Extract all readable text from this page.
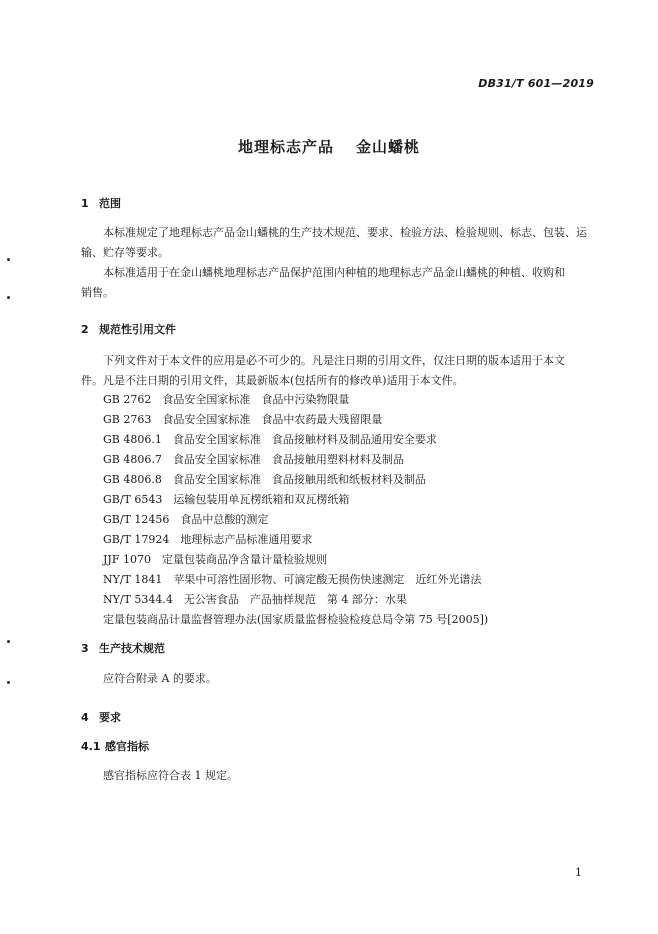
DB31/T 601—2019
地理标志产品 金山蟠桃
1 范围
本标准规定了地理标志产品金山蟠桃的生产技术规范、要求、检验方法、检验规则、标志、包装、运
输、贮存等要求。
本标准适用于在金山蟠桃地理标志产品保护范围内种植的地理标志产品金山蟠桃的种植、收购和
销售。
2 规范性引用文件
下列文件对于本文件的应用是必不可少的。凡是注日期的引用文件，仅注日期的版本适用于本文
件。凡是不注日期的引用文件，其最新版本(包括所有的修改单)适用于本文件。
GB 2762　 食品安全国家标准　食品中污染物限量
GB 2763　 食品安全国家标准　食品中农药最大残留限量
GB 4806.1　 食品安全国家标准　食品接触材料及制品通用安全要求
GB 4806.7　 食品安全国家标准　食品接触用塑料材料及制品
GB 4806.8　 食品安全国家标准　食品接触用纸和纸板材料及制品
GB/T 6543　 运输包装用单瓦楞纸箱和双瓦楞纸箱
GB/T 12456　 食品中总酸的测定
GB/T 17924　 地理标志产品标准通用要求
JJF 1070　 定量包装商品净含量计量检验规则
NY/T 1841　 苹果中可溶性固形物、可滴定酸无损伤快速测定　近红外光谱法
NY/T 5344.4　 无公害食品　产品抽样规范　第 4 部分：水果
定量包装商品计量监督管理办法(国家质量监督检验检疫总局令第 75 号[2005])
3 生产技术规范
应符合附录 A 的要求。
4 要求
4.1 感官指标
感官指标应符合表 1 规定。
1
